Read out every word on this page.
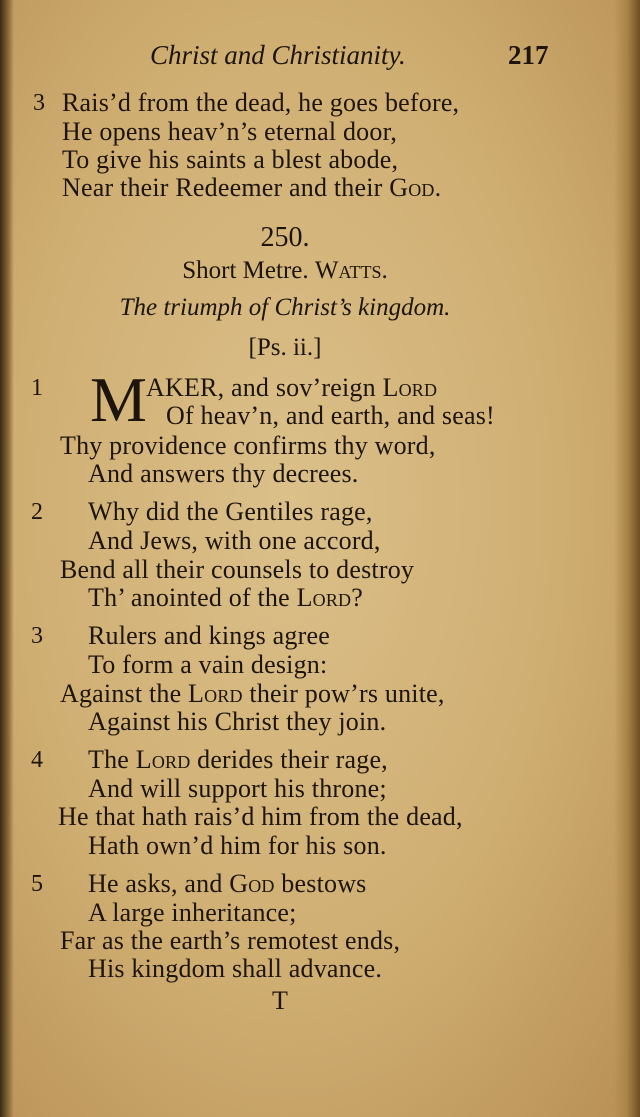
Christ and Christianity.	217
3 Rais’d from the dead, he goes before,
He opens heav’n’s eternal door,
To give his saints a blest abode,
Near their Redeemer and their God.
250.
Short Metre. Watts.
The triumph of Christ’s kingdom.
[Ps. ii.]
1 M AKER, and sov’reign Lord
Of heav’n, and earth, and seas!
Thy providence confirms thy word,
And answers thy decrees.
2 Why did the Gentiles rage,
And Jews, with one accord,
Bend all their counsels to destroy
Th’ anointed of the Lord?
3 Rulers and kings agree
To form a vain design:
Against the Lord their pow’rs unite,
Against his Christ they join.
4 The Lord derides their rage,
And will support his throne;
He that hath rais’d him from the dead,
Hath own’d him for his son.
5 He asks, and God bestows
A large inheritance;
Far as the earth’s remotest ends,
His kingdom shall advance.
T
